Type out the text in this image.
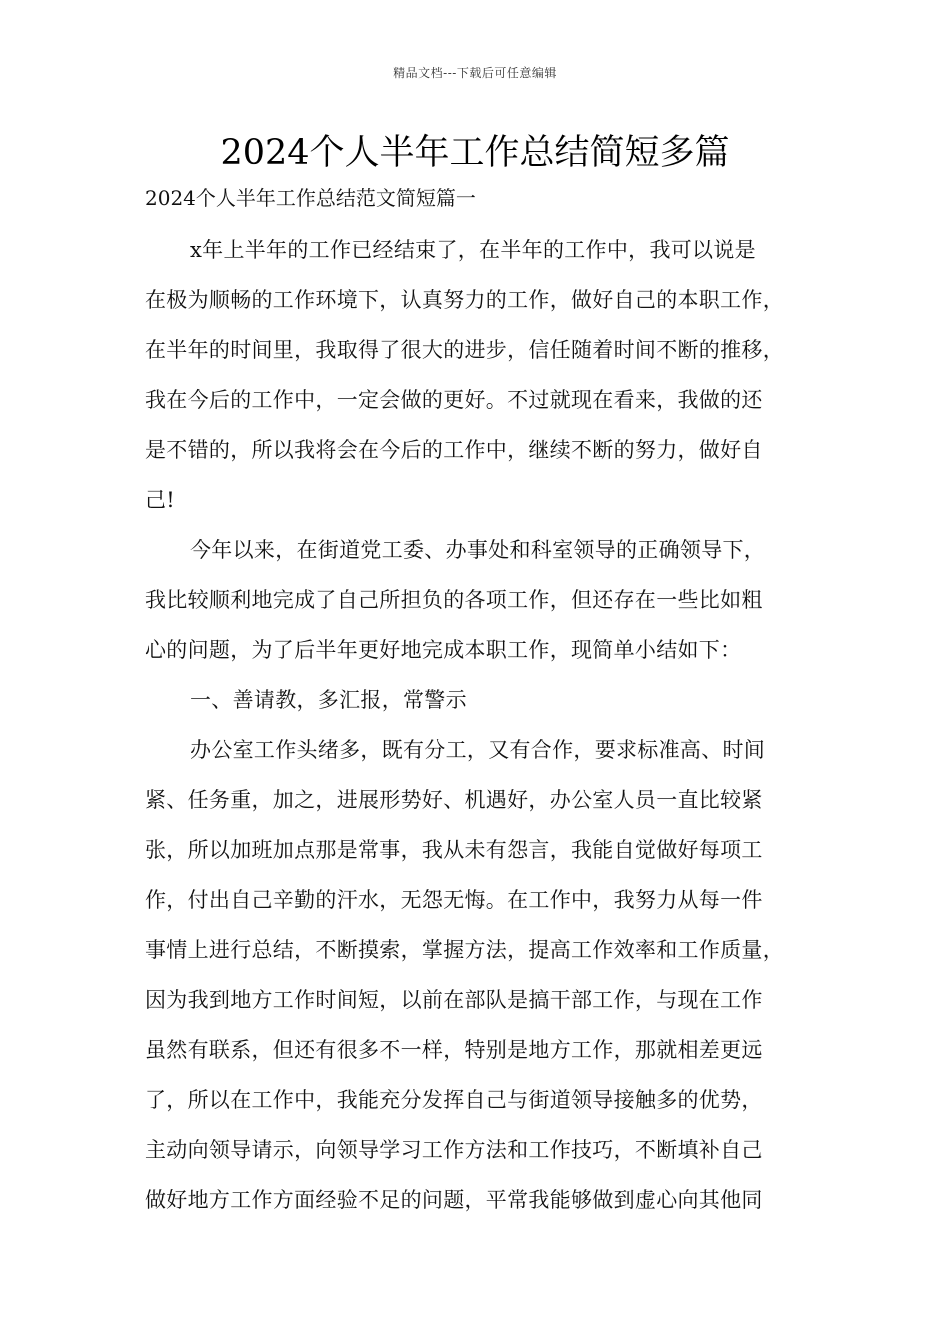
精品文档---下载后可任意编辑
2024个人半年工作总结简短多篇

2024个人半年工作总结范文简短篇一

x年上半年的工作已经结束了，在半年的工作中，我可以说是
在极为顺畅的工作环境下，认真努力的工作，做好自己的本职工作，
在半年的时间里，我取得了很大的进步，信任随着时间不断的推移，
我在今后的工作中，一定会做的更好。不过就现在看来，我做的还
是不错的，所以我将会在今后的工作中，继续不断的努力，做好自
己!
今年以来，在街道党工委、办事处和科室领导的正确领导下，
我比较顺利地完成了自己所担负的各项工作，但还存在一些比如粗
心的问题，为了后半年更好地完成本职工作，现简单小结如下：
一、善请教，多汇报，常警示
办公室工作头绪多，既有分工，又有合作，要求标准高、时间
紧、任务重，加之，进展形势好、机遇好，办公室人员一直比较紧
张，所以加班加点那是常事，我从未有怨言，我能自觉做好每项工
作，付出自己辛勤的汗水，无怨无悔。在工作中，我努力从每一件
事情上进行总结，不断摸索，掌握方法，提高工作效率和工作质量，
因为我到地方工作时间短，以前在部队是搞干部工作，与现在工作
虽然有联系，但还有很多不一样，特别是地方工作，那就相差更远
了，所以在工作中，我能充分发挥自己与街道领导接触多的优势，
主动向领导请示，向领导学习工作方法和工作技巧，不断填补自己
做好地方工作方面经验不足的问题，平常我能够做到虚心向其他同
